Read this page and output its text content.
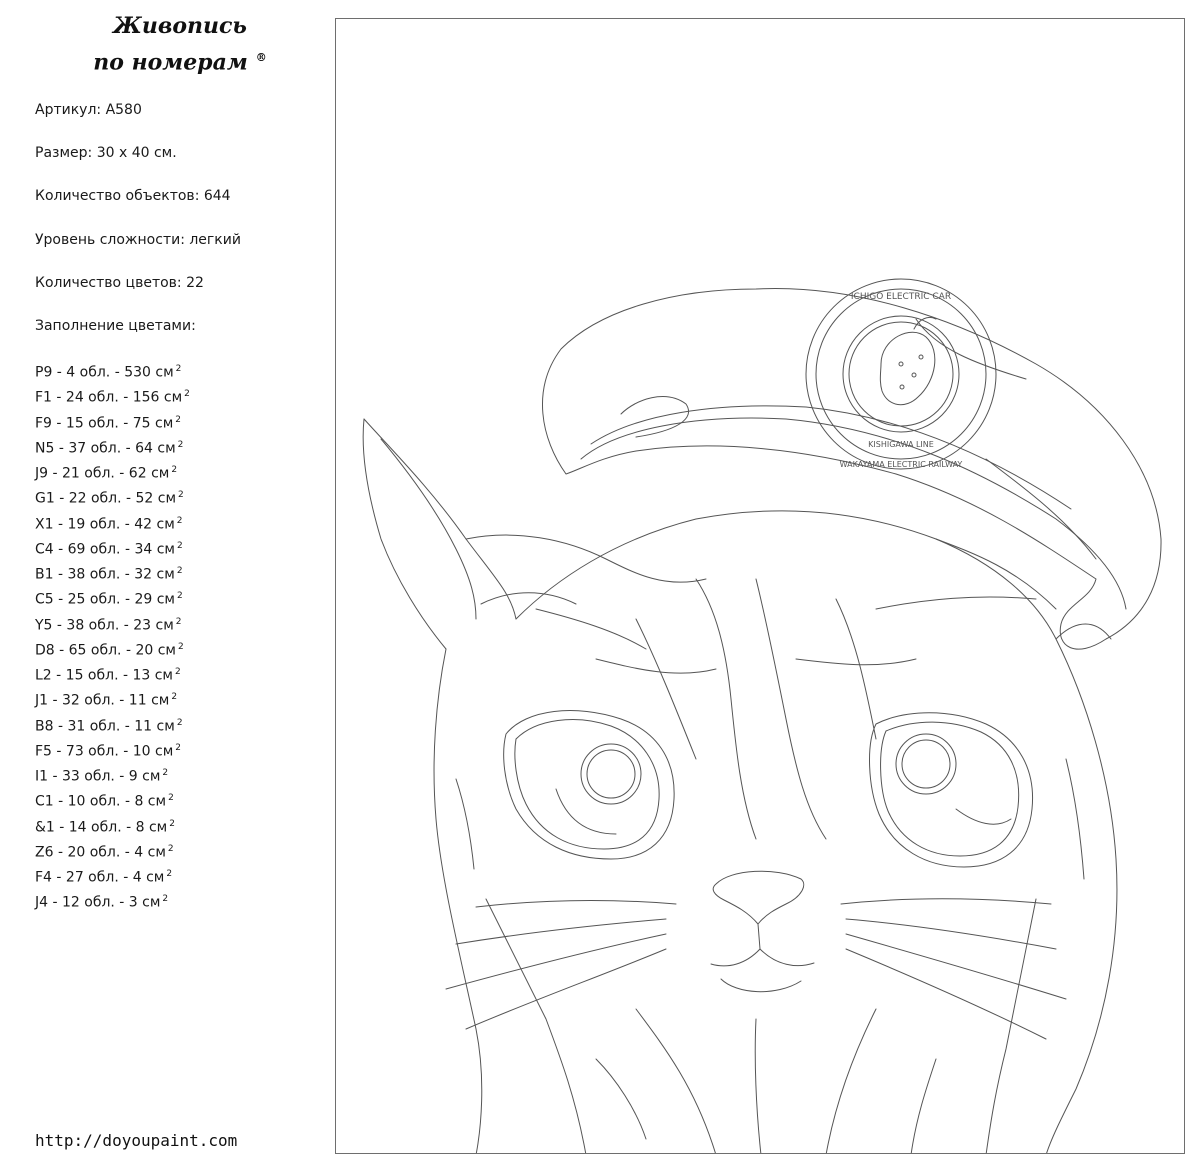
Живопись
по номерам ®
Артикул: А580
Размер: 30 х 40 см.
Количество объектов: 644
Уровень сложности: легкий
Количество цветов: 22
Заполнение цветами:
P9 - 4 обл. - 530 см $^2$
F1 - 24 обл. - 156 см $^2$
F9 - 15 обл. - 75 см $^2$
N5 - 37 обл. - 64 см $^2$
J9 - 21 обл. - 62 см $^2$
G1 - 22 обл. - 52 см $^2$
X1 - 19 обл. - 42 см $^2$
C4 - 69 обл. - 34 см $^2$
B1 - 38 обл. - 32 см $^2$
C5 - 25 обл. - 29 см $^2$
Y5 - 38 обл. - 23 см $^2$
D8 - 65 обл. - 20 см $^2$
L2 - 15 обл. - 13 см $^2$
J1 - 32 обл. - 11 см $^2$
B8 - 31 обл. - 11 см $^2$
F5 - 73 обл. - 10 см $^2$
I1 - 33 обл. - 9 см $^2$
C1 - 10 обл. - 8 см $^2$
&1 - 14 обл. - 8 см $^2$
Z6 - 20 обл. - 4 см $^2$
F4 - 27 обл. - 4 см $^2$
J4 - 12 обл. - 3 см $^2$
http://doyoupaint.com
ICHIGO ELECTRIC CAR
WAKAYAMA ELECTRIC RAILWAY
KISHIGAWA LINE
